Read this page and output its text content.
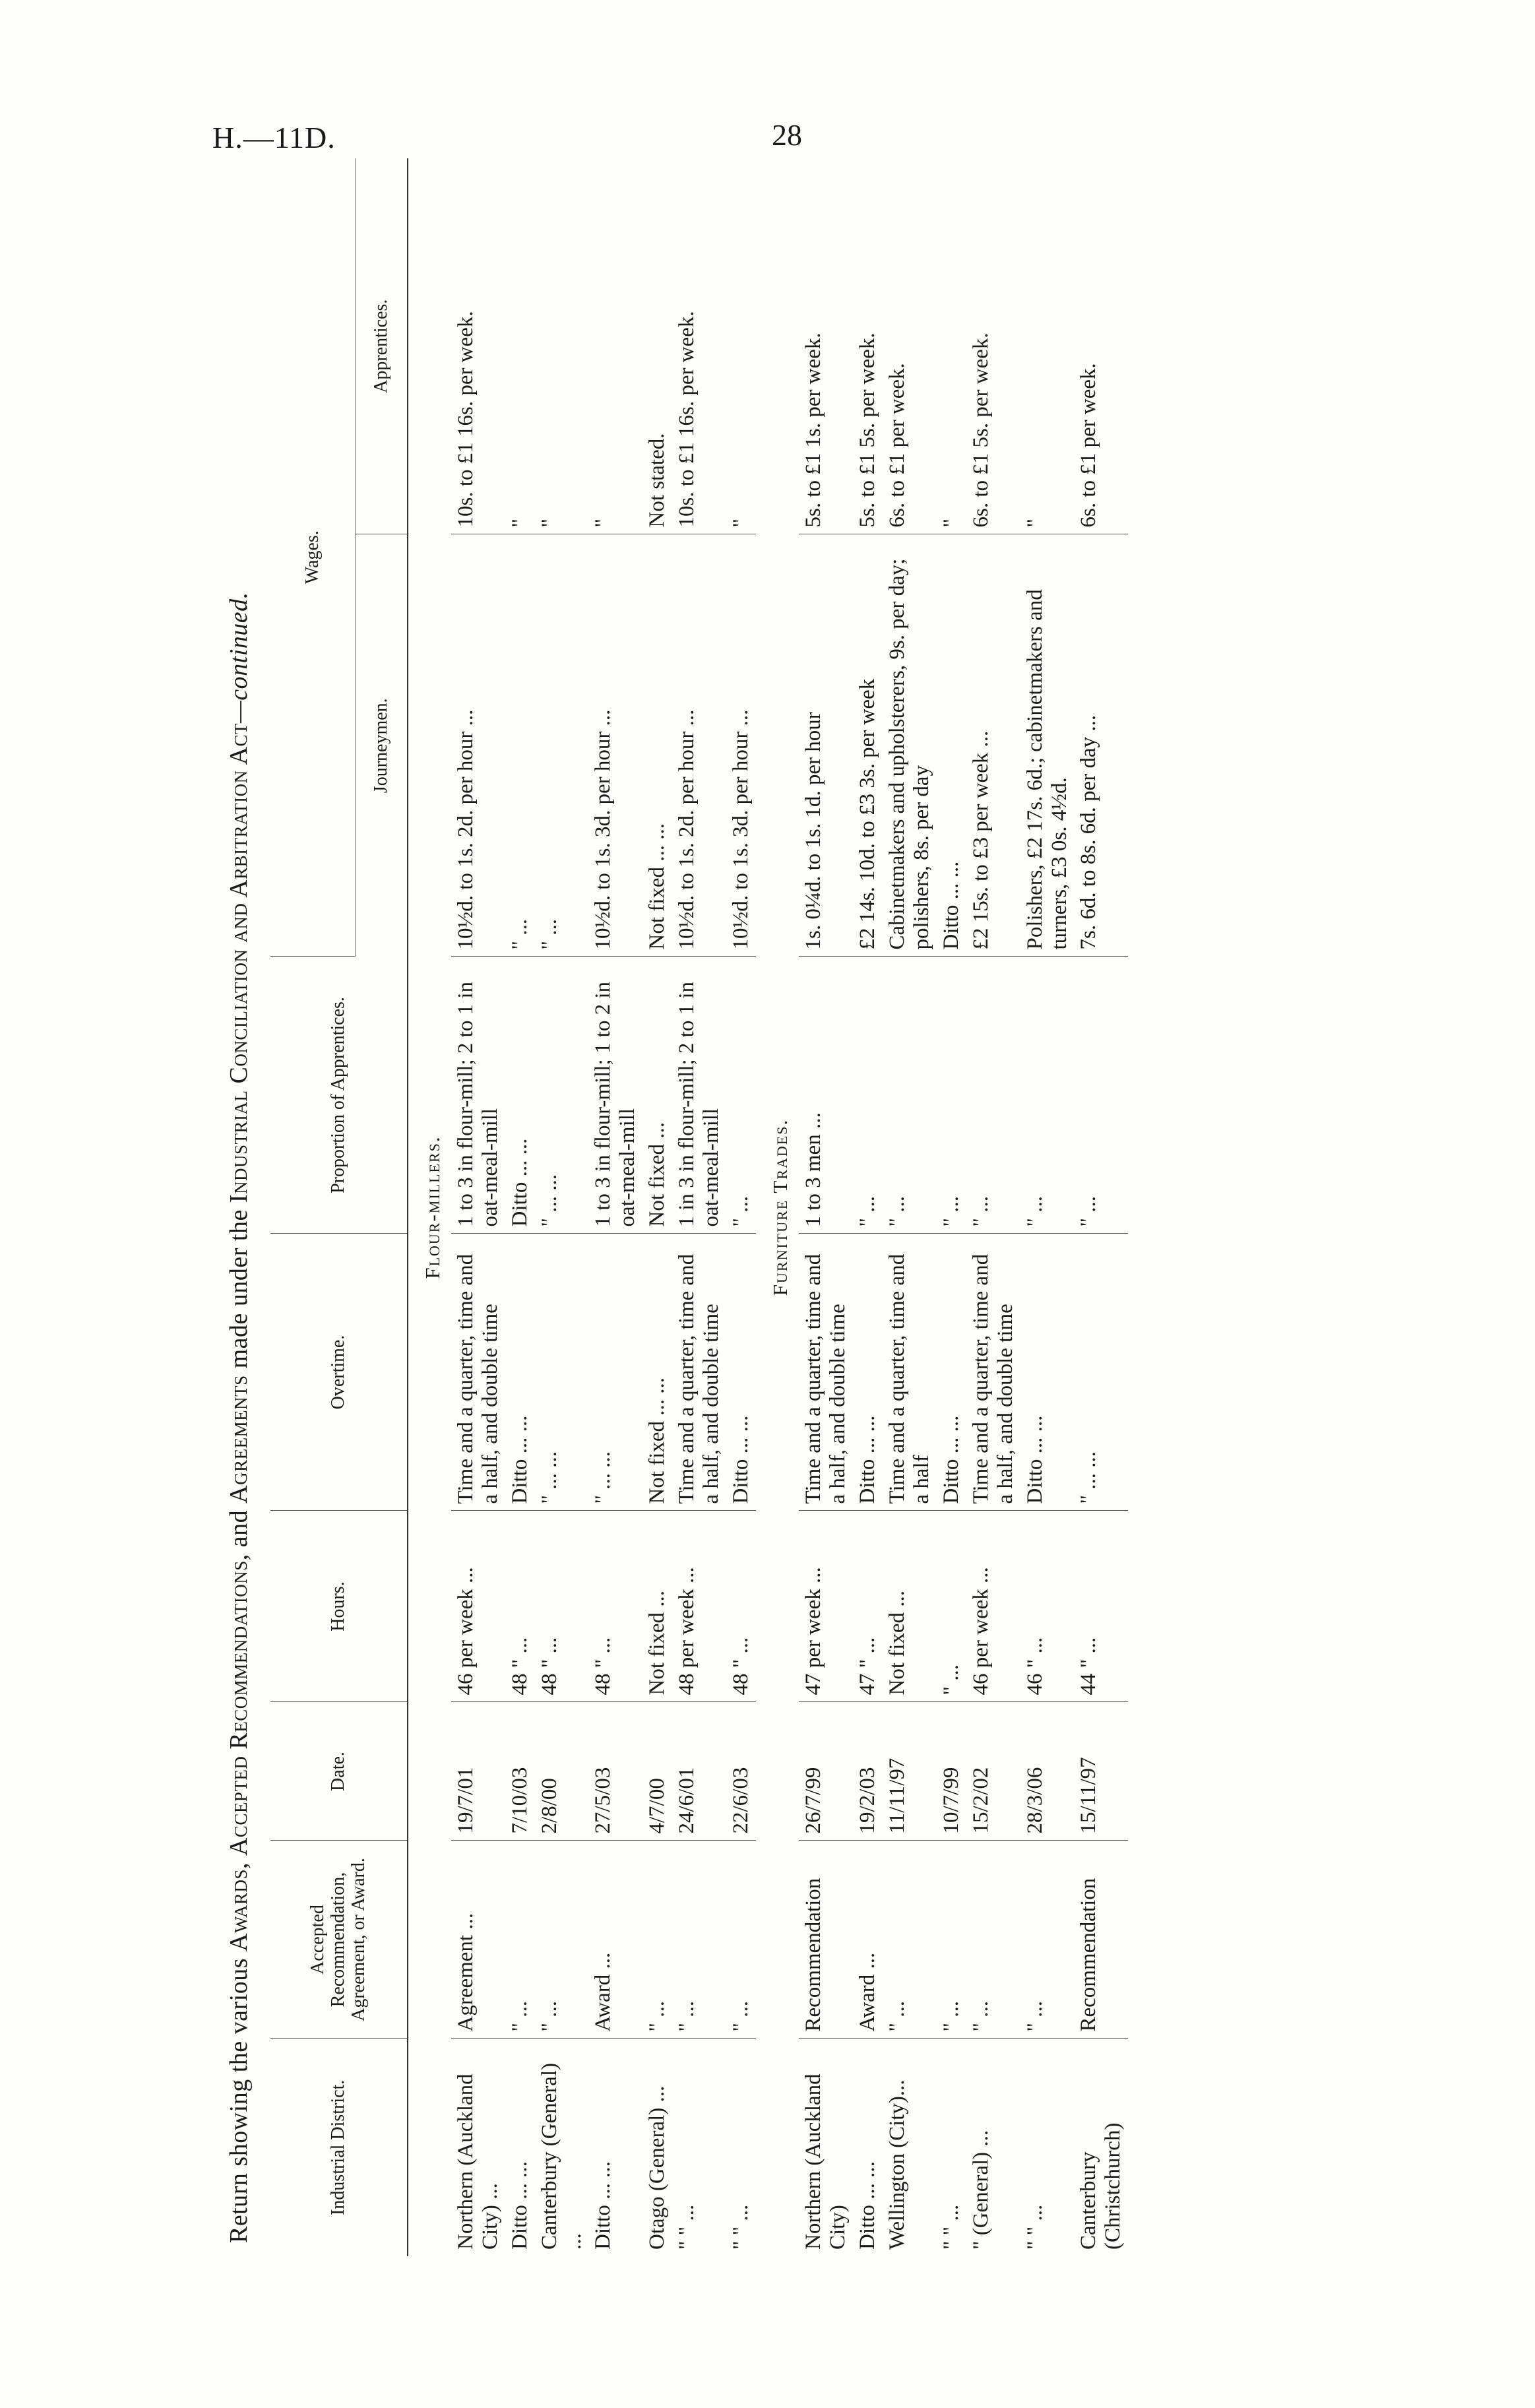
H.—11D.	28
Return showing the various Awards, Accepted Recommendations, and Agreements made under the Industrial Conciliation and Arbitration Act—continued.
Industrial District.	Accepted Recommendation, Agreement, or Award.	Date.	Hours.	Overtime.	Proportion of Apprentices.	Wages.	
						Journeymen.	Apprentices.
Flour-millers.							
Northern (Auckland City) ...	Agreement ...	19/7/01	46 per week ...	Time and a quarter, time and a half, and double time	1 to 3 in flour-mill; 2 to 1 in oat-meal-mill	10½d. to 1s. 2d. per hour ...	10s. to £1 16s. per week.
Ditto ... ...	" ...	7/10/03	48 " ...	Ditto ... ...	Ditto ... ...	" ...	"
Canterbury (General) ...	" ...	2/8/00	48 " ...	" ... ...	" ... ...	" ...	"
Ditto ... ...	Award ...	27/5/03	48 " ...	" ... ...	1 to 3 in flour-mill; 1 to 2 in oat-meal-mill	10½d. to 1s. 3d. per hour ...	"
Otago (General) ...	" ...	4/7/00	Not fixed ...	Not fixed ... ...	Not fixed ...	Not fixed ... ...	Not stated.
" " ...	" ...	24/6/01	48 per week ...	Time and a quarter, time and a half, and double time	1 in 3 in flour-mill; 2 to 1 in oat-meal-mill	10½d. to 1s. 2d. per hour ...	10s. to £1 16s. per week.
" " ...	" ...	22/6/03	48 " ...	Ditto ... ...	" ...	10½d. to 1s. 3d. per hour ...	"
Furniture Trades.							
Northern (Auckland City)	Recommendation	26/7/99	47 per week ...	Time and a quarter, time and a half, and double time	1 to 3 men ...	1s. 0¼d. to 1s. 1d. per hour	5s. to £1 1s. per week.
Ditto ... ...	Award ...	19/2/03	47 " ...	Ditto ... ...	" ...	£2 14s. 10d. to £3 3s. per week	5s. to £1 5s. per week.
Wellington (City)...	" ...	11/11/97	Not fixed ...	Time and a quarter, time and a half	" ...	Cabinetmakers and upholsterers, 9s. per day; polishers, 8s. per day	6s. to £1 per week.
" " ...	" ...	10/7/99	" ...	Ditto ... ...	" ...	Ditto ... ...	"
" (General) ...	" ...	15/2/02	46 per week ...	Time and a quarter, time and a half, and double time	" ...	£2 15s. to £3 per week ...	6s. to £1 5s. per week.
" " ...	" ...	28/3/06	46 " ...	Ditto ... ...	" ...	Polishers, £2 17s. 6d.; cabinetmakers and turners, £3 0s. 4½d.	"
Canterbury (Christchurch)	Recommendation	15/11/97	44 " ...	" ... ...	" ...	7s. 6d. to 8s. 6d. per day ...	6s. to £1 per week.
